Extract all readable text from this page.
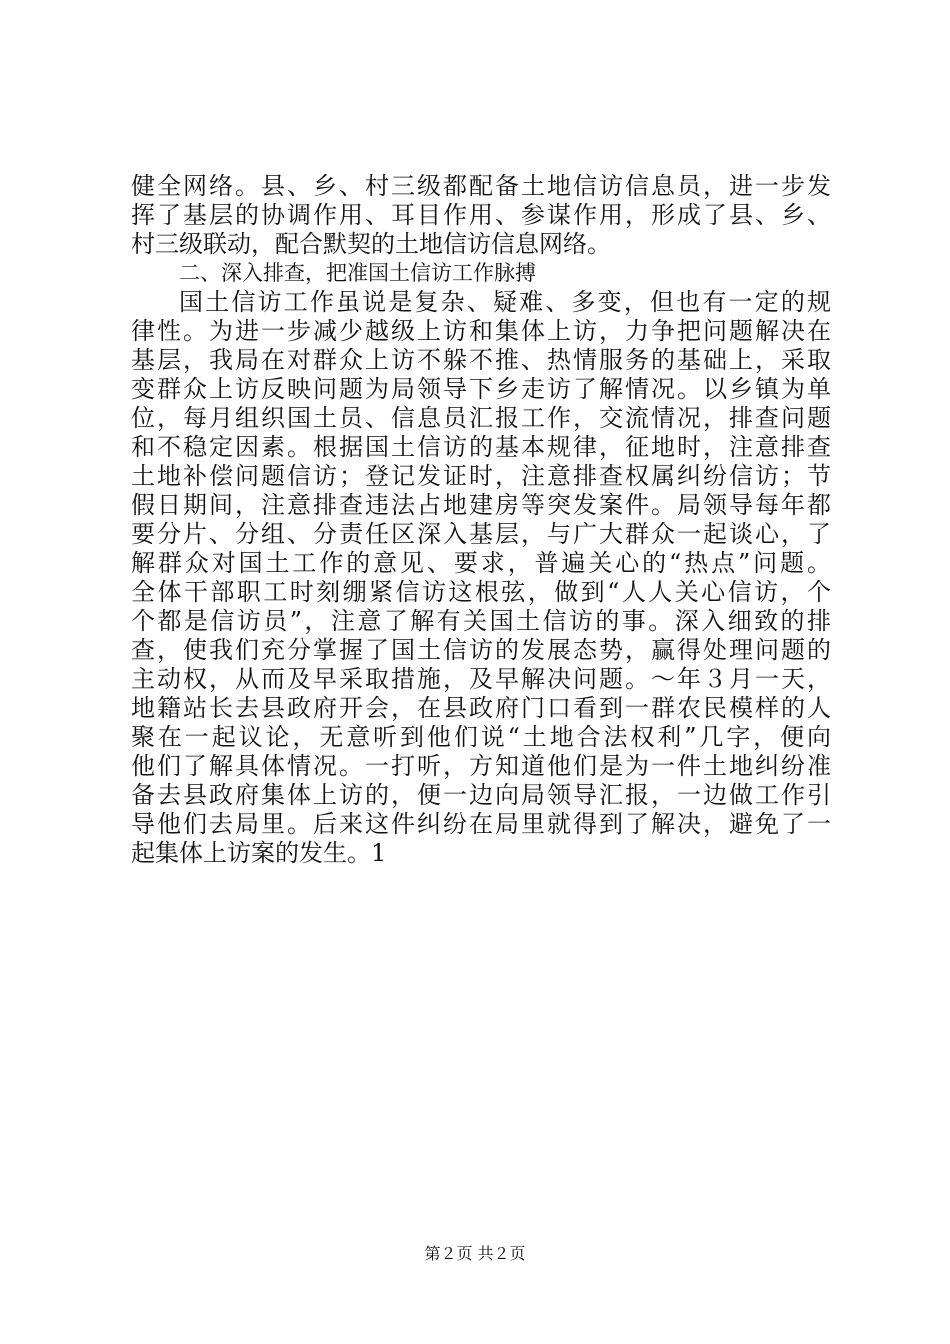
健全网络。县、乡、村三级都配备土地信访信息员，进一步发
挥了基层的协调作用、耳目作用、参谋作用，形成了县、乡、
村三级联动，配合默契的土地信访信息网络。
二、深入排查，把准国土信访工作脉搏
国土信访工作虽说是复杂、疑难、多变，但也有一定的规
律性。为进一步减少越级上访和集体上访，力争把问题解决在
基层，我局在对群众上访不躲不推、热情服务的基础上，采取
变群众上访反映问题为局领导下乡走访了解情况。以乡镇为单
位，每月组织国土员、信息员汇报工作，交流情况，排查问题
和不稳定因素。根据国土信访的基本规律，征地时，注意排查
土地补偿问题信访；登记发证时，注意排查权属纠纷信访；节
假日期间，注意排查违法占地建房等突发案件。局领导每年都
要分片、分组、分责任区深入基层，与广大群众一起谈心，了
解群众对国土工作的意见、要求，普遍关心的“热点”问题。
全体干部职工时刻绷紧信访这根弦，做到“人人关心信访，个
个都是信访员”，注意了解有关国土信访的事。深入细致的排
查，使我们充分掌握了国土信访的发展态势，赢得处理问题的
主动权，从而及早采取措施，及早解决问题。～年３月一天，
地籍站长去县政府开会，在县政府门口看到一群农民模样的人
聚在一起议论，无意听到他们说“土地合法权利”几字，便向
他们了解具体情况。一打听，方知道他们是为一件土地纠纷准
备去县政府集体上访的，便一边向局领导汇报，一边做工作引
导他们去局里。后来这件纠纷在局里就得到了解决，避免了一
起集体上访案的发生。1
第２页 共２页
